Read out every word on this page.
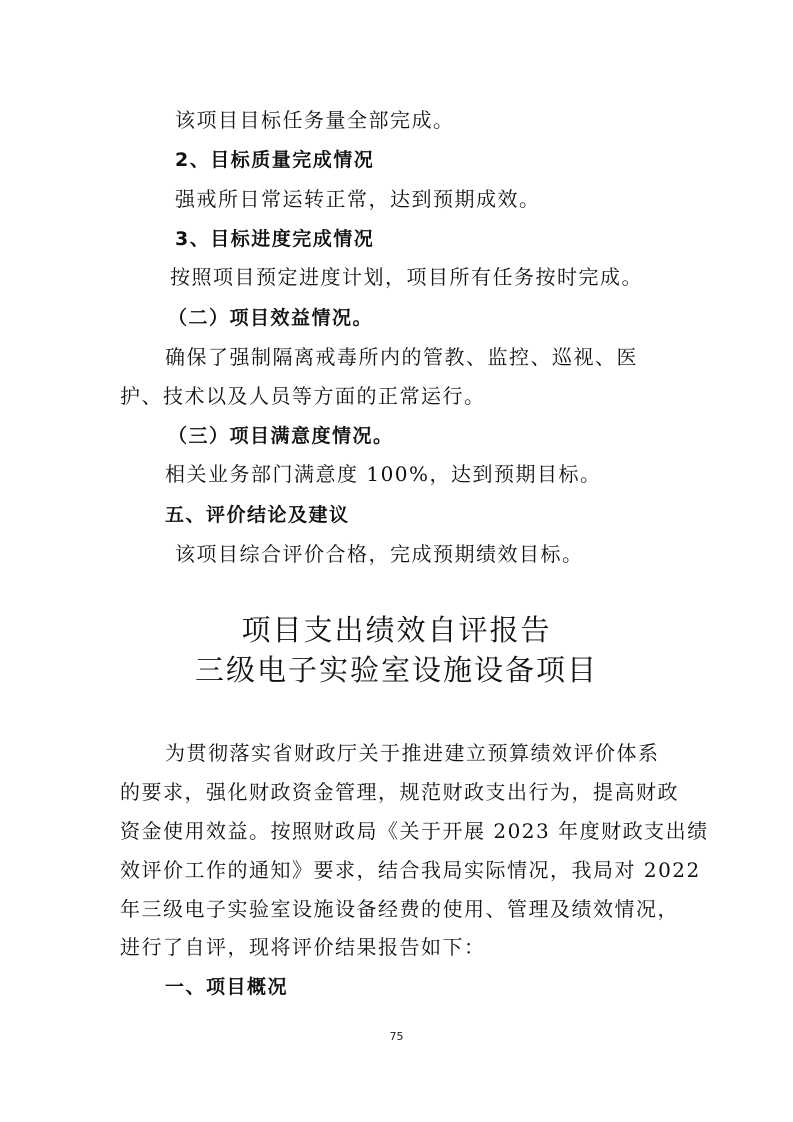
该项目目标任务量全部完成。
2、目标质量完成情况
强戒所日常运转正常，达到预期成效。
3、目标进度完成情况
按照项目预定进度计划，项目所有任务按时完成。
（二）项目效益情况。
确保了强制隔离戒毒所内的管教、监控、巡视、医
护、技术以及人员等方面的正常运行。
（三）项目满意度情况。
相关业务部门满意度 100%，达到预期目标。
五、评价结论及建议
该项目综合评价合格，完成预期绩效目标。
项目支出绩效自评报告
三级电子实验室设施设备项目
为贯彻落实省财政厅关于推进建立预算绩效评价体系
的要求，强化财政资金管理，规范财政支出行为，提高财政
资金使用效益。按照财政局《关于开展 2023 年度财政支出绩
效评价工作的通知》要求，结合我局实际情况，我局对 2022
年三级电子实验室设施设备经费的使用、管理及绩效情况，
进行了自评，现将评价结果报告如下：
一、项目概况
75
